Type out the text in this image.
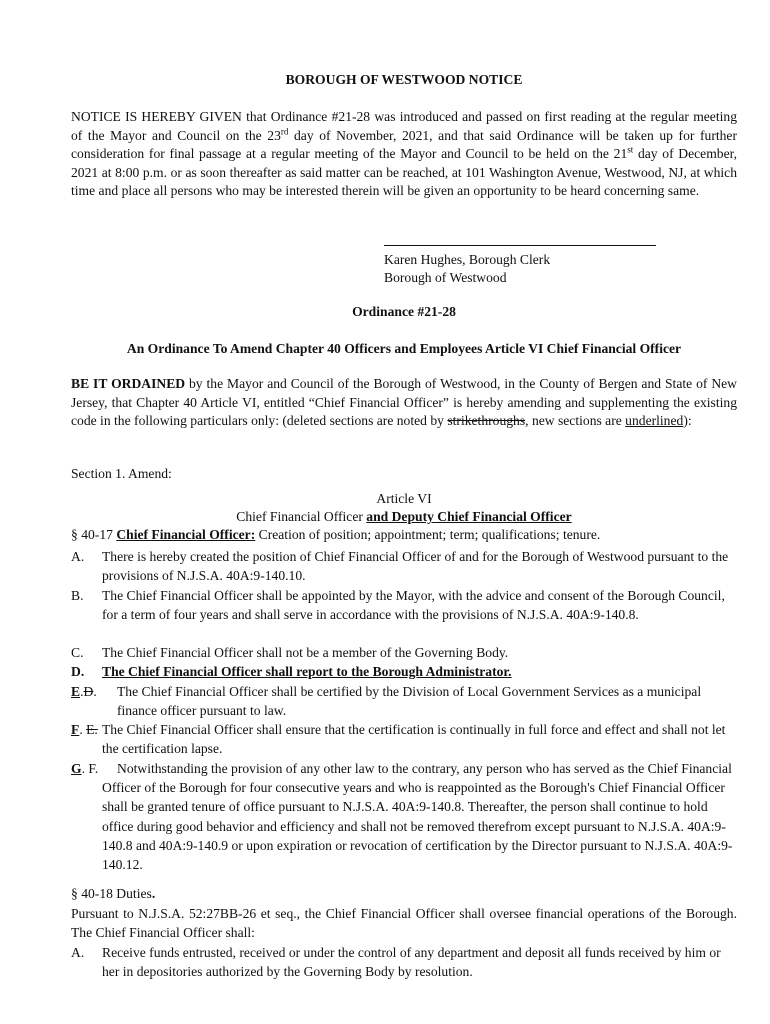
BOROUGH OF WESTWOOD NOTICE
NOTICE IS HEREBY GIVEN that Ordinance #21-28 was introduced and passed on first reading at the regular meeting of the Mayor and Council on the 23rd day of November, 2021, and that said Ordinance will be taken up for further consideration for final passage at a regular meeting of the Mayor and Council to be held on the 21st day of December, 2021 at 8:00 p.m. or as soon thereafter as said matter can be reached, at 101 Washington Avenue, Westwood, NJ, at which time and place all persons who may be interested therein will be given an opportunity to be heard concerning same.
Karen Hughes, Borough Clerk
Borough of Westwood
Ordinance #21-28
An Ordinance To Amend Chapter 40 Officers and Employees Article VI Chief Financial Officer
BE IT ORDAINED by the Mayor and Council of the Borough of Westwood, in the County of Bergen and State of New Jersey, that Chapter 40 Article VI, entitled “Chief Financial Officer” is hereby amending and supplementing the existing code in the following particulars only: (deleted sections are noted by strikethroughs, new sections are underlined):
Section 1. Amend:
Article VI
Chief Financial Officer and Deputy Chief Financial Officer
§ 40-17 Chief Financial Officer: Creation of position; appointment; term; qualifications; tenure.
A. There is hereby created the position of Chief Financial Officer of and for the Borough of Westwood pursuant to the provisions of N.J.S.A. 40A:9-140.10.
B. The Chief Financial Officer shall be appointed by the Mayor, with the advice and consent of the Borough Council, for a term of four years and shall serve in accordance with the provisions of N.J.S.A. 40A:9-140.8.
C. The Chief Financial Officer shall not be a member of the Governing Body.
D. The Chief Financial Officer shall report to the Borough Administrator.
E.D. The Chief Financial Officer shall be certified by the Division of Local Government Services as a municipal finance officer pursuant to law.
F. E. The Chief Financial Officer shall ensure that the certification is continually in full force and effect and shall not let the certification lapse.
G. F.	Notwithstanding the provision of any other law to the contrary, any person who has served as the Chief Financial Officer of the Borough for four consecutive years and who is reappointed as the Borough's Chief Financial Officer shall be granted tenure of office pursuant to N.J.S.A. 40A:9-140.8. Thereafter, the person shall continue to hold office during good behavior and efficiency and shall not be removed therefrom except pursuant to N.J.S.A. 40A:9-140.8 and 40A:9-140.9 or upon expiration or revocation of certification by the Director pursuant to N.J.S.A. 40A:9-140.12.
§ 40-18 Duties.
Pursuant to N.J.S.A. 52:27BB-26 et seq., the Chief Financial Officer shall oversee financial operations of the Borough. The Chief Financial Officer shall:
A. Receive funds entrusted, received or under the control of any department and deposit all funds received by him or her in depositories authorized by the Governing Body by resolution.
